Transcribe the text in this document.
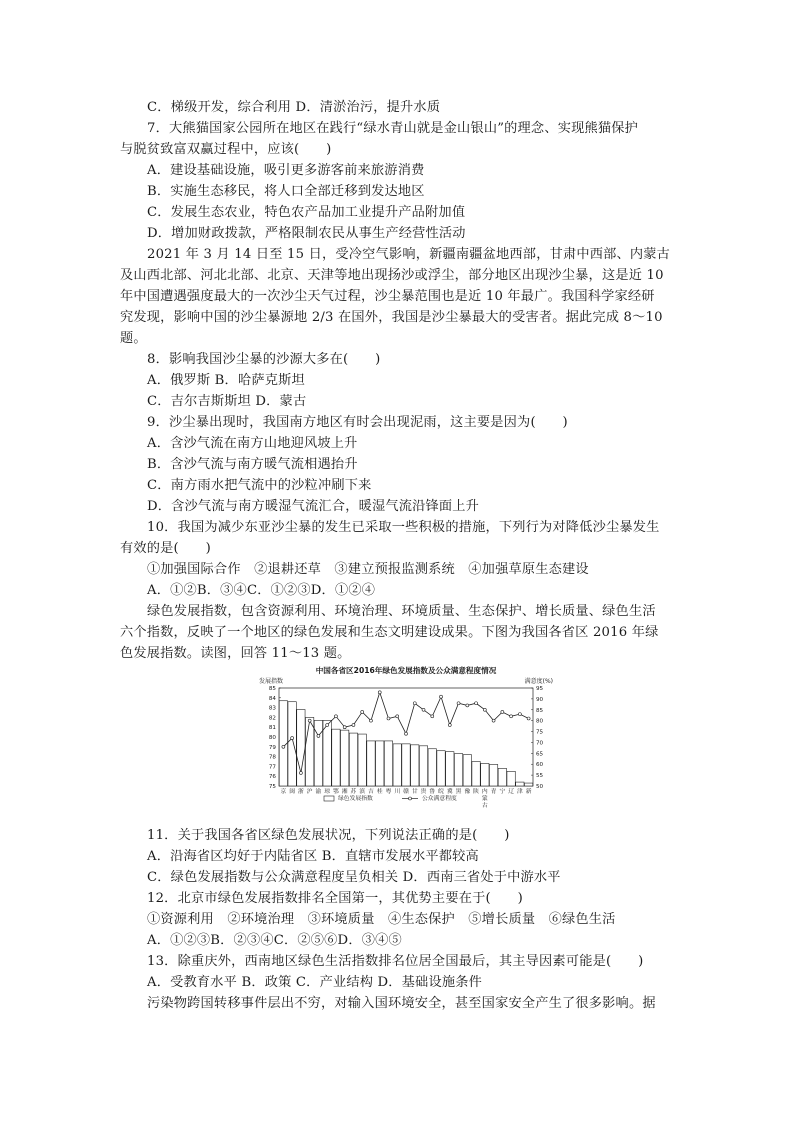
C．梯级开发，综合利用 D．清淤治污，提升水质
7．大熊猫国家公园所在地区在践行“绿水青山就是金山银山”的理念、实现熊猫保护
与脱贫致富双赢过程中，应该(　　)
A．建设基础设施，吸引更多游客前来旅游消费
B．实施生态移民，将人口全部迁移到发达地区
C．发展生态农业，特色农产品加工业提升产品附加值
D．增加财政拨款，严格限制农民从事生产经营性活动
2021 年 3 月 14 日至 15 日，受冷空气影响，新疆南疆盆地西部，甘肃中西部、内蒙古
及山西北部、河北北部、北京、天津等地出现扬沙或浮尘，部分地区出现沙尘暴，这是近 10
年中国遭遇强度最大的一次沙尘天气过程，沙尘暴范围也是近 10 年最广。我国科学家经研
究发现，影响中国的沙尘暴源地 2/3 在国外，我国是沙尘暴最大的受害者。据此完成 8～10
题。
8．影响我国沙尘暴的沙源大多在(　　)
A．俄罗斯 B．哈萨克斯坦
C．吉尔吉斯斯坦 D．蒙古
9．沙尘暴出现时，我国南方地区有时会出现泥雨，这主要是因为(　　)
A．含沙气流在南方山地迎风坡上升
B．含沙气流与南方暖气流相遇抬升
C．南方雨水把气流中的沙粒冲刷下来
D．含沙气流与南方暖湿气流汇合，暖湿气流沿锋面上升
10．我国为减少东亚沙尘暴的发生已采取一些积极的措施，下列行为对降低沙尘暴发生
有效的是(　　)
①加强国际合作　②退耕还草　③建立预报监测系统　④加强草原生态建设
A．①②B．③④C．①②③D．①②④
绿色发展指数，包含资源利用、环境治理、环境质量、生态保护、增长质量、绿色生活
六个指数，反映了一个地区的绿色发展和生态文明建设成果。下图为我国各省区 2016 年绿
色发展指数。读图，回答 11～13 题。
中国各省区2016年绿色发展指数及公众满意程度情况
发展指数	满意度(%)
85
84
83
82
81
80
79
78
77
76
75
95
90
85
80
75
70
65
60
55
50
京 闽 浙 沪 渝 琼 鄂 湘 苏 滇 吉 桂 粤 川 赣 甘 贵 鲁 皖 冀 黑 豫 陕 内 青 宁 辽 津 新
蒙
古
绿色发展指数	公众满意程度
11．关于我国各省区绿色发展状况，下列说法正确的是(　　)
A．沿海省区均好于内陆省区 B．直辖市发展水平都较高
C．绿色发展指数与公众满意程度呈负相关 D．西南三省处于中游水平
12．北京市绿色发展指数排名全国第一，其优势主要在于(　　)
①资源利用　②环境治理　③环境质量　④生态保护　⑤增长质量　⑥绿色生活
A．①②③B．②③④C．②⑤⑥D．③④⑤
13．除重庆外，西南地区绿色生活指数排名位居全国最后，其主导因素可能是(　　)
A．受教育水平 B．政策 C．产业结构 D．基础设施条件
污染物跨国转移事件层出不穷，对输入国环境安全，甚至国家安全产生了很多影响。据
